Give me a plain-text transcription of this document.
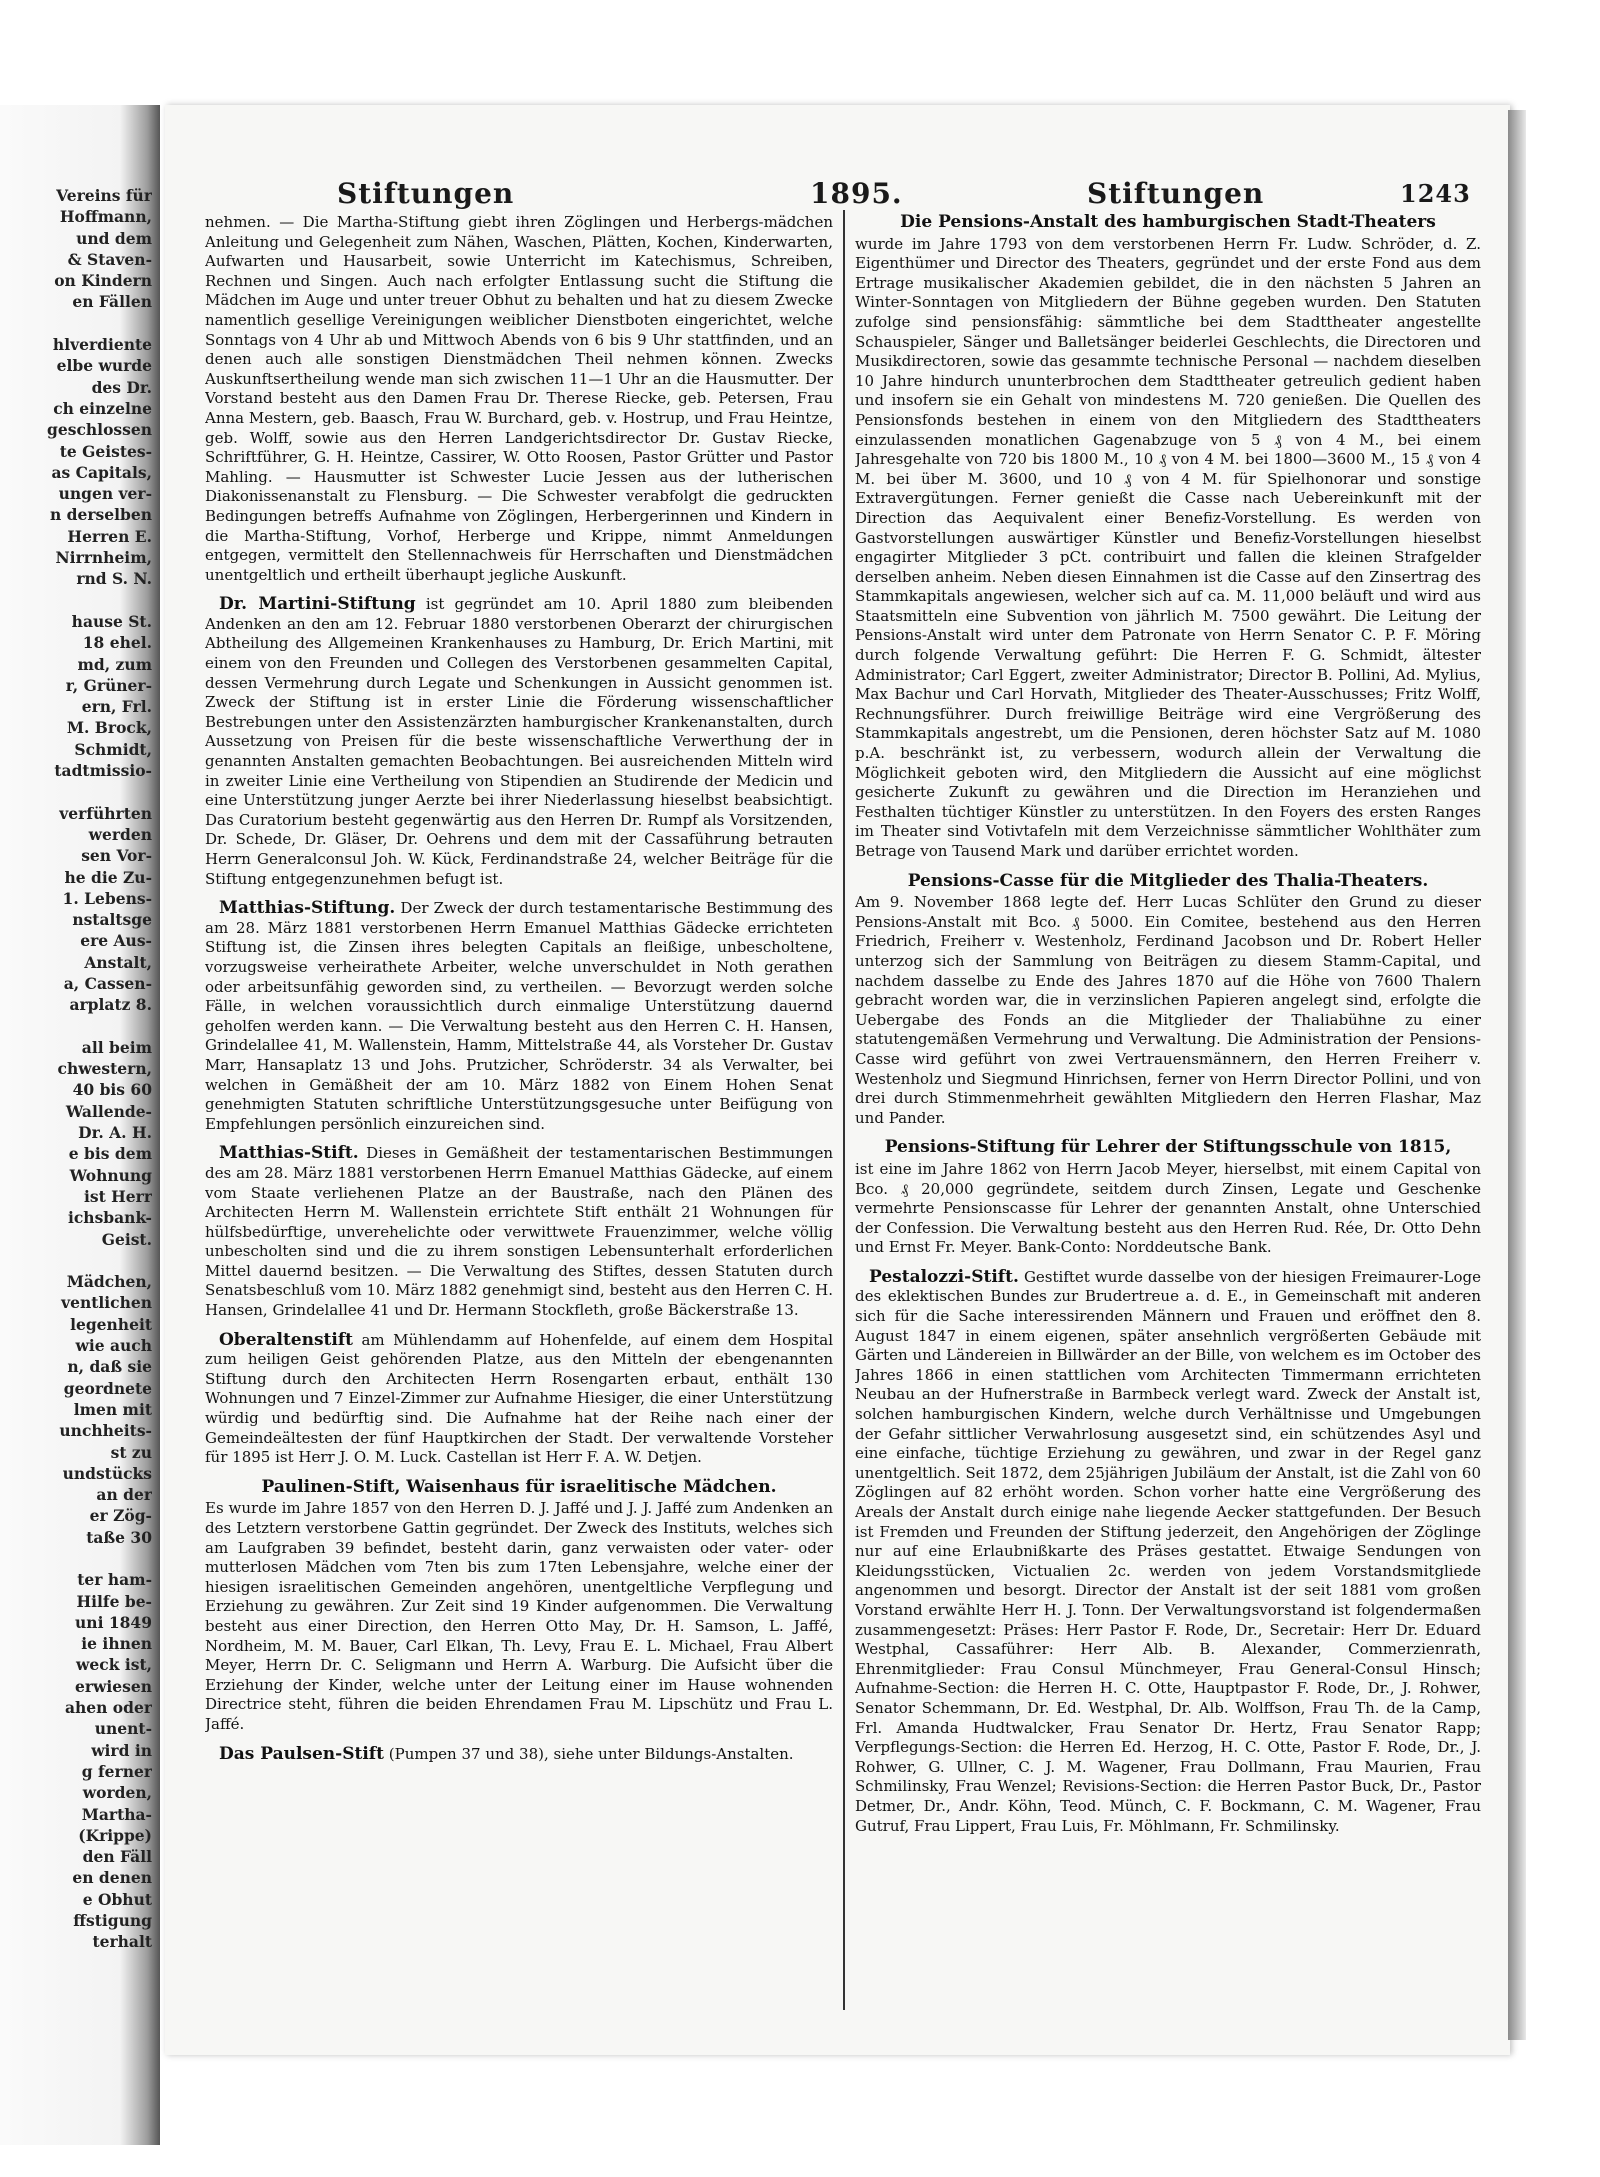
Vereins für
Hoffmann,
und dem
& Staven-
on Kindern
en Fällen
hlverdiente
elbe wurde
des Dr.
ch einzelne
geschlossen
te Geistes-
as Capitals,
ungen ver-
n derselben
Herren E.
Nirrnheim,
rnd S. N.
hause St.
18 ehel.
md, zum
r, Grüner-
ern, Frl.
M. Brock,
Schmidt,
tadtmissio-
verführten
werden
sen Vor-
he die Zu-
1. Lebens-
nstaltsge
ere Aus-
Anstalt,
a, Cassen-
arplatz 8.
all beim
chwestern,
40 bis 60
Wallende-
Dr. A. H.
e bis dem
Wohnung
ist Herr
ichsbank-
Geist.
Mädchen,
ventlichen
legenheit
wie auch
n, daß sie
geordnete
lmen mit
unchheits-
st zu
undstücks
an der
er Zög-
taße 30
ter ham-
Hilfe be-
uni 1849
ie ihnen
weck ist,
erwiesen
ahen oder
unent-
wird in
g ferner
worden,
Martha-
(Krippe)
den Fäll
en denen
e Obhut
ffstigung
terhalt
Stiftungen	1895.	Stiftungen	1243

nehmen. — Die Martha-Stiftung giebt ihren Zöglingen und Herbergs-mädchen Anleitung und Gelegenheit zum Nähen, Waschen, Plätten, Kochen, Kinderwarten, Aufwarten und Hausarbeit, sowie Unterricht im Katechismus, Schreiben, Rechnen und Singen. Auch nach erfolgter Entlassung sucht die Stiftung die Mädchen im Auge und unter treuer Obhut zu behalten und hat zu diesem Zwecke namentlich gesellige Vereinigungen weiblicher Dienstboten eingerichtet, welche Sonntags von 4 Uhr ab und Mittwoch Abends von 6 bis 9 Uhr stattfinden, und an denen auch alle sonstigen Dienstmädchen Theil nehmen können. Zwecks Auskunftsertheilung wende man sich zwischen 11—1 Uhr an die Hausmutter. Der Vorstand besteht aus den Damen Frau Dr. Therese Riecke, geb. Petersen, Frau Anna Mestern, geb. Baasch, Frau W. Burchard, geb. v. Hostrup, und Frau Heintze, geb. Wolff, sowie aus den Herren Landgerichtsdirector Dr. Gustav Riecke, Schriftführer, G. H. Heintze, Cassirer, W. Otto Roosen, Pastor Grütter und Pastor Mahling. — Hausmutter ist Schwester Lucie Jessen aus der lutherischen Diakonissenanstalt zu Flensburg. — Die Schwester verabfolgt die gedruckten Bedingungen betreffs Aufnahme von Zöglingen, Herbergerinnen und Kindern in die Martha-Stiftung, Vorhof, Herberge und Krippe, nimmt Anmeldungen entgegen, vermittelt den Stellennachweis für Herrschaften und Dienstmädchen unentgeltlich und ertheilt überhaupt jegliche Auskunft.

Dr. Martini-Stiftung ist gegründet am 10. April 1880 zum bleibenden Andenken an den am 12. Februar 1880 verstorbenen Oberarzt der chirurgischen Abtheilung des Allgemeinen Krankenhauses zu Hamburg, Dr. Erich Martini, mit einem von den Freunden und Collegen des Verstorbenen gesammelten Capital, dessen Vermehrung durch Legate und Schenkungen in Aussicht genommen ist. Zweck der Stiftung ist in erster Linie die Förderung wissenschaftlicher Bestrebungen unter den Assistenzärzten hamburgischer Krankenanstalten, durch Aussetzung von Preisen für die beste wissenschaftliche Verwerthung der in genannten Anstalten gemachten Beobachtungen. Bei ausreichenden Mitteln wird in zweiter Linie eine Vertheilung von Stipendien an Studirende der Medicin und eine Unterstützung junger Aerzte bei ihrer Niederlassung hieselbst beabsichtigt. Das Curatorium besteht gegenwärtig aus den Herren Dr. Rumpf als Vorsitzenden, Dr. Schede, Dr. Gläser, Dr. Oehrens und dem mit der Cassaführung betrauten Herrn Generalconsul Joh. W. Kück, Ferdinandstraße 24, welcher Beiträge für die Stiftung entgegenzunehmen befugt ist.

Matthias-Stiftung. Der Zweck der durch testamentarische Bestimmung des am 28. März 1881 verstorbenen Herrn Emanuel Matthias Gädecke errichteten Stiftung ist, die Zinsen ihres belegten Capitals an fleißige, unbescholtene, vorzugsweise verheirathete Arbeiter, welche unverschuldet in Noth gerathen oder arbeitsunfähig geworden sind, zu vertheilen. — Bevorzugt werden solche Fälle, in welchen voraussichtlich durch einmalige Unterstützung dauernd geholfen werden kann. — Die Verwaltung besteht aus den Herren C. H. Hansen, Grindelallee 41, M. Wallenstein, Hamm, Mittelstraße 44, als Vorsteher Dr. Gustav Marr, Hansaplatz 13 und Johs. Prutzicher, Schröderstr. 34 als Verwalter, bei welchen in Gemäßheit der am 10. März 1882 von Einem Hohen Senat genehmigten Statuten schriftliche Unterstützungsgesuche unter Beifügung von Empfehlungen persönlich einzureichen sind.

Matthias-Stift. Dieses in Gemäßheit der testamentarischen Bestimmungen des am 28. März 1881 verstorbenen Herrn Emanuel Matthias Gädecke, auf einem vom Staate verliehenen Platze an der Baustraße, nach den Plänen des Architecten Herrn M. Wallenstein errichtete Stift enthält 21 Wohnungen für hülfsbedürftige, unverehelichte oder verwittwete Frauenzimmer, welche völlig unbescholten sind und die zu ihrem sonstigen Lebensunterhalt erforderlichen Mittel dauernd besitzen. — Die Verwaltung des Stiftes, dessen Statuten durch Senatsbeschluß vom 10. März 1882 genehmigt sind, besteht aus den Herren C. H. Hansen, Grindelallee 41 und Dr. Hermann Stockfleth, große Bäckerstraße 13.

Oberaltenstift am Mühlendamm auf Hohenfelde, auf einem dem Hospital zum heiligen Geist gehörenden Platze, aus den Mitteln der ebengenannten Stiftung durch den Architecten Herrn Rosengarten erbaut, enthält 130 Wohnungen und 7 Einzel-Zimmer zur Aufnahme Hiesiger, die einer Unterstützung würdig und bedürftig sind. Die Aufnahme hat der Reihe nach einer der Gemeindeältesten der fünf Hauptkirchen der Stadt. Der verwaltende Vorsteher für 1895 ist Herr J. O. M. Luck. Castellan ist Herr F. A. W. Detjen.

Paulinen-Stift, Waisenhaus für israelitische Mädchen.
Es wurde im Jahre 1857 von den Herren D. J. Jaffé und J. J. Jaffé zum Andenken an des Letztern verstorbene Gattin gegründet. Der Zweck des Instituts, welches sich am Laufgraben 39 befindet, besteht darin, ganz verwaisten oder vater- oder mutterlosen Mädchen vom 7ten bis zum 17ten Lebensjahre, welche einer der hiesigen israelitischen Gemeinden angehören, unentgeltliche Verpflegung und Erziehung zu gewähren. Zur Zeit sind 19 Kinder aufgenommen. Die Verwaltung besteht aus einer Direction, den Herren Otto May, Dr. H. Samson, L. Jaffé, Nordheim, M. M. Bauer, Carl Elkan, Th. Levy, Frau E. L. Michael, Frau Albert Meyer, Herrn Dr. C. Seligmann und Herrn A. Warburg. Die Aufsicht über die Erziehung der Kinder, welche unter der Leitung einer im Hause wohnenden Directrice steht, führen die beiden Ehrendamen Frau M. Lipschütz und Frau L. Jaffé.

Das Paulsen-Stift (Pumpen 37 und 38), siehe unter Bildungs-Anstalten.

Die Pensions-Anstalt des hamburgischen Stadt-Theaters
wurde im Jahre 1793 von dem verstorbenen Herrn Fr. Ludw. Schröder, d. Z. Eigenthümer und Director des Theaters, gegründet und der erste Fond aus dem Ertrage musikalischer Akademien gebildet, die in den nächsten 5 Jahren an Winter-Sonntagen von Mitgliedern der Bühne gegeben wurden. Den Statuten zufolge sind pensionsfähig: sämmtliche bei dem Stadttheater angestellte Schauspieler, Sänger und Balletsänger beiderlei Geschlechts, die Directoren und Musikdirectoren, sowie das gesammte technische Personal — nachdem dieselben 10 Jahre hindurch ununterbrochen dem Stadttheater getreulich gedient haben und insofern sie ein Gehalt von mindestens M. 720 genießen. Die Quellen des Pensionsfonds bestehen in einem von den Mitgliedern des Stadttheaters einzulassenden monatlichen Gagenabzuge von 5 ₰ von 4 M., bei einem Jahresgehalte von 720 bis 1800 M., 10 ₰ von 4 M. bei 1800—3600 M., 15 ₰ von 4 M. bei über M. 3600, und 10 ₰ von 4 M. für Spielhonorar und sonstige Extravergütungen. Ferner genießt die Casse nach Uebereinkunft mit der Direction das Aequivalent einer Benefiz-Vorstellung. Es werden von Gastvorstellungen auswärtiger Künstler und Benefiz-Vorstellungen hieselbst engagirter Mitglieder 3 pCt. contribuirt und fallen die kleinen Strafgelder derselben anheim. Neben diesen Einnahmen ist die Casse auf den Zinsertrag des Stammkapitals angewiesen, welcher sich auf ca. M. 11,000 beläuft und wird aus Staatsmitteln eine Subvention von jährlich M. 7500 gewährt. Die Leitung der Pensions-Anstalt wird unter dem Patronate von Herrn Senator C. P. F. Möring durch folgende Verwaltung geführt: Die Herren F. G. Schmidt, ältester Administrator; Carl Eggert, zweiter Administrator; Director B. Pollini, Ad. Mylius, Max Bachur und Carl Horvath, Mitglieder des Theater-Ausschusses; Fritz Wolff, Rechnungsführer. Durch freiwillige Beiträge wird eine Vergrößerung des Stammkapitals angestrebt, um die Pensionen, deren höchster Satz auf M. 1080 p.A. beschränkt ist, zu verbessern, wodurch allein der Verwaltung die Möglichkeit geboten wird, den Mitgliedern die Aussicht auf eine möglichst gesicherte Zukunft zu gewähren und die Direction im Heranziehen und Festhalten tüchtiger Künstler zu unterstützen. In den Foyers des ersten Ranges im Theater sind Votivtafeln mit dem Verzeichnisse sämmtlicher Wohlthäter zum Betrage von Tausend Mark und darüber errichtet worden.

Pensions-Casse für die Mitglieder des Thalia-Theaters.
Am 9. November 1868 legte def. Herr Lucas Schlüter den Grund zu dieser Pensions-Anstalt mit Bco. ₰ 5000. Ein Comitee, bestehend aus den Herren Friedrich, Freiherr v. Westenholz, Ferdinand Jacobson und Dr. Robert Heller unterzog sich der Sammlung von Beiträgen zu diesem Stamm-Capital, und nachdem dasselbe zu Ende des Jahres 1870 auf die Höhe von 7600 Thalern gebracht worden war, die in verzinslichen Papieren angelegt sind, erfolgte die Uebergabe des Fonds an die Mitglieder der Thaliabühne zu einer statutengemäßen Vermehrung und Verwaltung. Die Administration der Pensions-Casse wird geführt von zwei Vertrauensmännern, den Herren Freiherr v. Westenholz und Siegmund Hinrichsen, ferner von Herrn Director Pollini, und von drei durch Stimmenmehrheit gewählten Mitgliedern den Herren Flashar, Maz und Pander.

Pensions-Stiftung für Lehrer der Stiftungsschule von 1815,
ist eine im Jahre 1862 von Herrn Jacob Meyer, hierselbst, mit einem Capital von Bco. ₰ 20,000 gegründete, seitdem durch Zinsen, Legate und Geschenke vermehrte Pensionscasse für Lehrer der genannten Anstalt, ohne Unterschied der Confession. Die Verwaltung besteht aus den Herren Rud. Rée, Dr. Otto Dehn und Ernst Fr. Meyer. Bank-Conto: Norddeutsche Bank.

Pestalozzi-Stift. Gestiftet wurde dasselbe von der hiesigen Freimaurer-Loge des eklektischen Bundes zur Brudertreue a. d. E., in Gemeinschaft mit anderen sich für die Sache interessirenden Männern und Frauen und eröffnet den 8. August 1847 in einem eigenen, später ansehnlich vergrößerten Gebäude mit Gärten und Ländereien in Billwärder an der Bille, von welchem es im October des Jahres 1866 in einen stattlichen vom Architecten Timmermann errichteten Neubau an der Hufnerstraße in Barmbeck verlegt ward. Zweck der Anstalt ist, solchen hamburgischen Kindern, welche durch Verhältnisse und Umgebungen der Gefahr sittlicher Verwahrlosung ausgesetzt sind, ein schützendes Asyl und eine einfache, tüchtige Erziehung zu gewähren, und zwar in der Regel ganz unentgeltlich. Seit 1872, dem 25jährigen Jubiläum der Anstalt, ist die Zahl von 60 Zöglingen auf 82 erhöht worden. Schon vorher hatte eine Vergrößerung des Areals der Anstalt durch einige nahe liegende Aecker stattgefunden. Der Besuch ist Fremden und Freunden der Stiftung jederzeit, den Angehörigen der Zöglinge nur auf eine Erlaubnißkarte des Präses gestattet. Etwaige Sendungen von Kleidungsstücken, Victualien 2c. werden von jedem Vorstandsmitgliede angenommen und besorgt. Director der Anstalt ist der seit 1881 vom großen Vorstand erwählte Herr H. J. Tonn. Der Verwaltungsvorstand ist folgendermaßen zusammengesetzt: Präses: Herr Pastor F. Rode, Dr., Secretair: Herr Dr. Eduard Westphal, Cassaführer: Herr Alb. B. Alexander, Commerzienrath, Ehrenmitglieder: Frau Consul Münchmeyer, Frau General-Consul Hinsch; Aufnahme-Section: die Herren H. C. Otte, Hauptpastor F. Rode, Dr., J. Rohwer, Senator Schemmann, Dr. Ed. Westphal, Dr. Alb. Wolffson, Frau Th. de la Camp, Frl. Amanda Hudtwalcker, Frau Senator Dr. Hertz, Frau Senator Rapp; Verpflegungs-Section: die Herren Ed. Herzog, H. C. Otte, Pastor F. Rode, Dr., J. Rohwer, G. Ullner, C. J. M. Wagener, Frau Dollmann, Frau Maurien, Frau Schmilinsky, Frau Wenzel; Revisions-Section: die Herren Pastor Buck, Dr., Pastor Detmer, Dr., Andr. Köhn, Teod. Münch, C. F. Bockmann, C. M. Wagener, Frau Gutruf, Frau Lippert, Frau Luis, Fr. Möhlmann, Fr. Schmilinsky.
